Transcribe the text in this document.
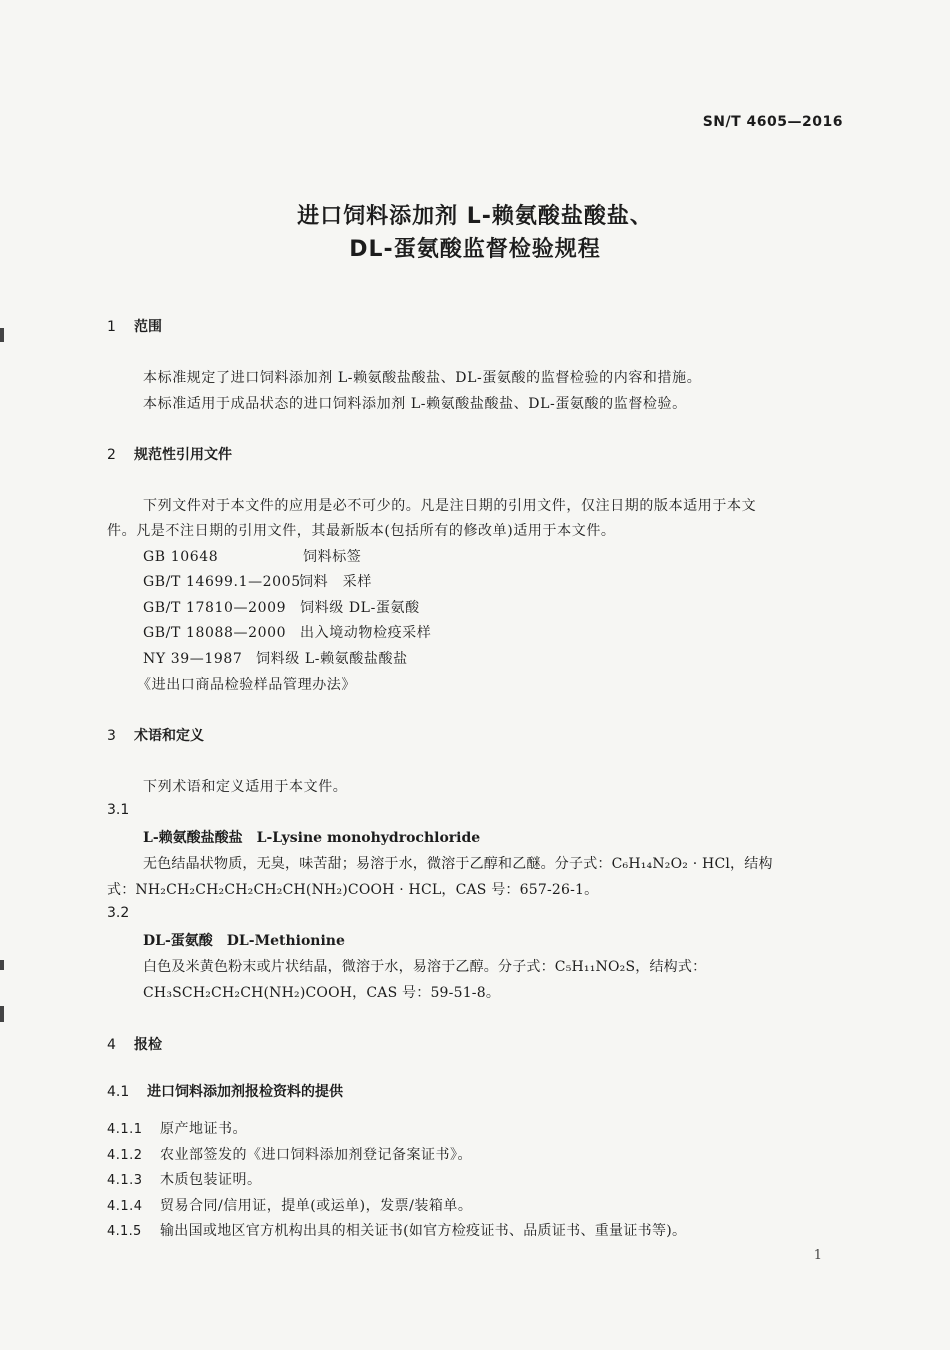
SN/T 4605—2016
进口饲料添加剂 L-赖氨酸盐酸盐、
DL-蛋氨酸监督检验规程
1 范围
本标准规定了进口饲料添加剂 L-赖氨酸盐酸盐、DL-蛋氨酸的监督检验的内容和措施。
本标准适用于成品状态的进口饲料添加剂 L-赖氨酸盐酸盐、DL-蛋氨酸的监督检验。
2 规范性引用文件
下列文件对于本文件的应用是必不可少的。凡是注日期的引用文件，仅注日期的版本适用于本文
件。凡是不注日期的引用文件，其最新版本(包括所有的修改单)适用于本文件。
GB 10648	饲料标签
GB/T 14699.1—2005饲料　采样
GB/T 17810—2009 饲料级 DL-蛋氨酸
GB/T 18088—2000 出入境动物检疫采样
NY 39—1987 饲料级 L-赖氨酸盐酸盐
《进出口商品检验样品管理办法》
3 术语和定义
下列术语和定义适用于本文件。
3.1
L-赖氨酸盐酸盐　L-Lysine monohydrochloride
无色结晶状物质，无臭，味苦甜；易溶于水，微溶于乙醇和乙醚。分子式：C₆H₁₄N₂O₂ · HCl，结构
式：NH₂CH₂CH₂CH₂CH₂CH(NH₂)COOH · HCL，CAS 号：657-26-1。
3.2
DL-蛋氨酸　DL-Methionine
白色及米黄色粉末或片状结晶，微溶于水，易溶于乙醇。分子式：C₅H₁₁NO₂S，结构式：
CH₃SCH₂CH₂CH(NH₂)COOH，CAS 号：59-51-8。
4 报检
4.1 进口饲料添加剂报检资料的提供
4.1.1 原产地证书。
4.1.2 农业部签发的《进口饲料添加剂登记备案证书》。
4.1.3 木质包装证明。
4.1.4 贸易合同/信用证，提单(或运单)，发票/装箱单。
4.1.5 输出国或地区官方机构出具的相关证书(如官方检疫证书、品质证书、重量证书等)。
1
